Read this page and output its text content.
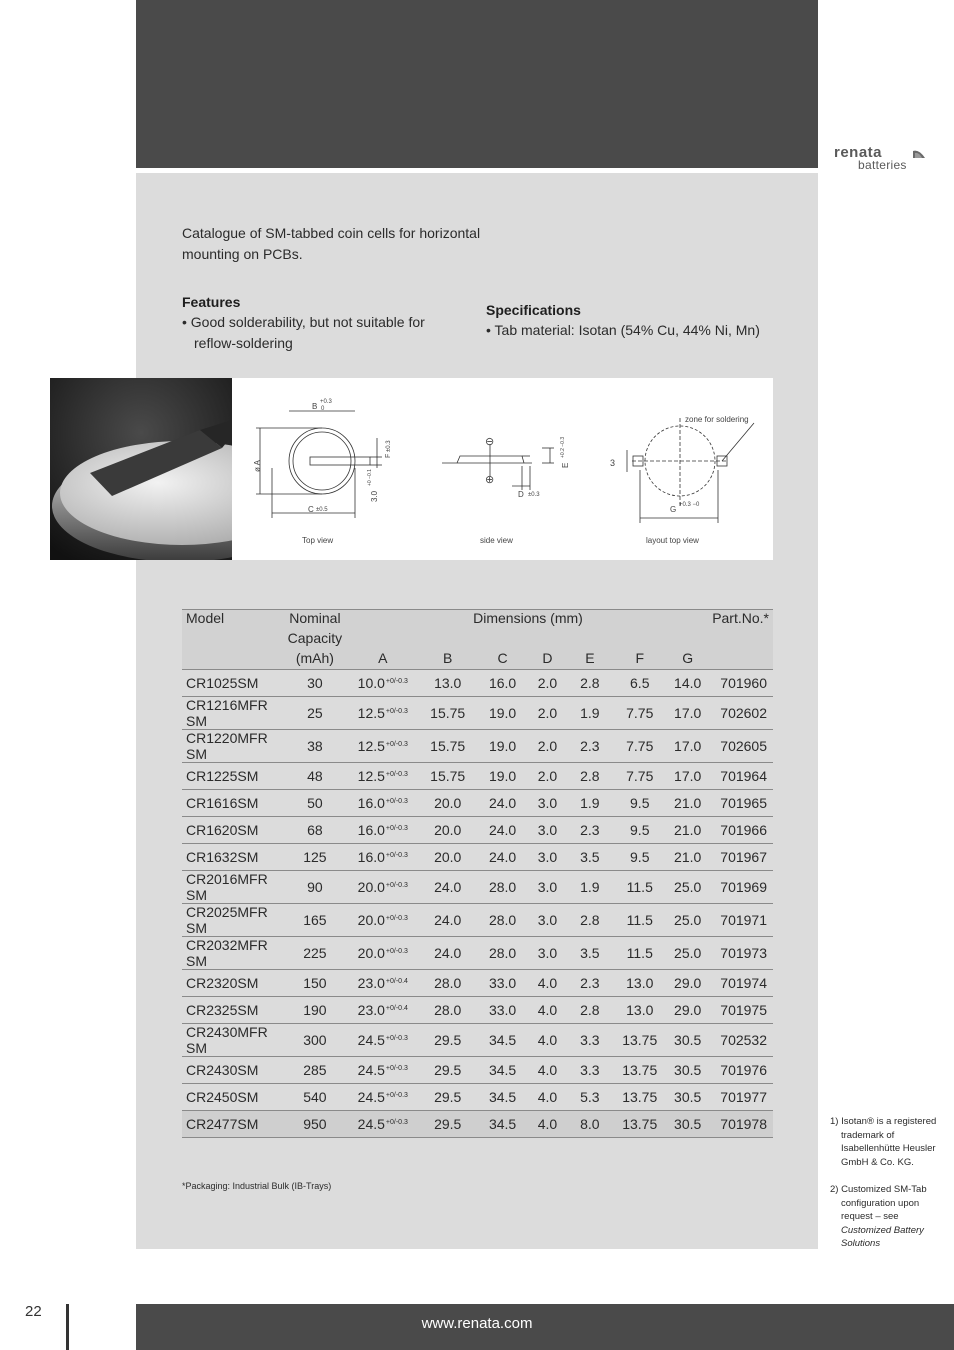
renata
batteries

Catalogue of SM-tabbed coin cells for horizontal mounting on PCBs.

Features
• Good solderability, but not suitable for reflow-soldering
Specifications
• Tab material: Isotan (54% Cu, 44% Ni, Mn)
B +0.3
0
ø A
C ±0.5
F
±0.3
3.0
+0 −0.1
Top view
⊖
⊕
D ±0.3
E
+0.2 −0.3
side view
zone for soldering
3
G +0.3 −0
layout top view
Model	Nominal	Dimensions (mm)							Part.No.*
	Capacity								
	(mAh)	A	B	C	D	E	F	G	
CR1025SM	30	$10.0^{+0/-0.3}$	13.0	16.0	2.0	2.8	6.5	14.0	701960
CR1216MFR SM	25	$12.5^{+0/-0.3}$	15.75	19.0	2.0	1.9	7.75	17.0	702602
CR1220MFR SM	38	$12.5^{+0/-0.3}$	15.75	19.0	2.0	2.3	7.75	17.0	702605
CR1225SM	48	$12.5^{+0/-0.3}$	15.75	19.0	2.0	2.8	7.75	17.0	701964
CR1616SM	50	$16.0^{+0/-0.3}$	20.0	24.0	3.0	1.9	9.5	21.0	701965
CR1620SM	68	$16.0^{+0/-0.3}$	20.0	24.0	3.0	2.3	9.5	21.0	701966
CR1632SM	125	$16.0^{+0/-0.3}$	20.0	24.0	3.0	3.5	9.5	21.0	701967
CR2016MFR SM	90	$20.0^{+0/-0.3}$	24.0	28.0	3.0	1.9	11.5	25.0	701969
CR2025MFR SM	165	$20.0^{+0/-0.3}$	24.0	28.0	3.0	2.8	11.5	25.0	701971
CR2032MFR SM	225	$20.0^{+0/-0.3}$	24.0	28.0	3.0	3.5	11.5	25.0	701973
CR2320SM	150	$23.0^{+0/-0.4}$	28.0	33.0	4.0	2.3	13.0	29.0	701974
CR2325SM	190	$23.0^{+0/-0.4}$	28.0	33.0	4.0	2.8	13.0	29.0	701975
CR2430MFR SM	300	$24.5^{+0/-0.3}$	29.5	34.5	4.0	3.3	13.75	30.5	702532
CR2430SM	285	$24.5^{+0/-0.3}$	29.5	34.5	4.0	3.3	13.75	30.5	701976
CR2450SM	540	$24.5^{+0/-0.3}$	29.5	34.5	4.0	5.3	13.75	30.5	701977
CR2477SM	950	$24.5^{+0/-0.3}$	29.5	34.5	4.0	8.0	13.75	30.5	701978
*Packaging: Industrial Bulk (IB-Trays)
1) Isotan® is a registered trademark of Isabellenhütte Heusler GmbH & Co. KG.
2) Customized SM-Tab configuration upon request – see Customized Battery Solutions
22
www.renata.com
